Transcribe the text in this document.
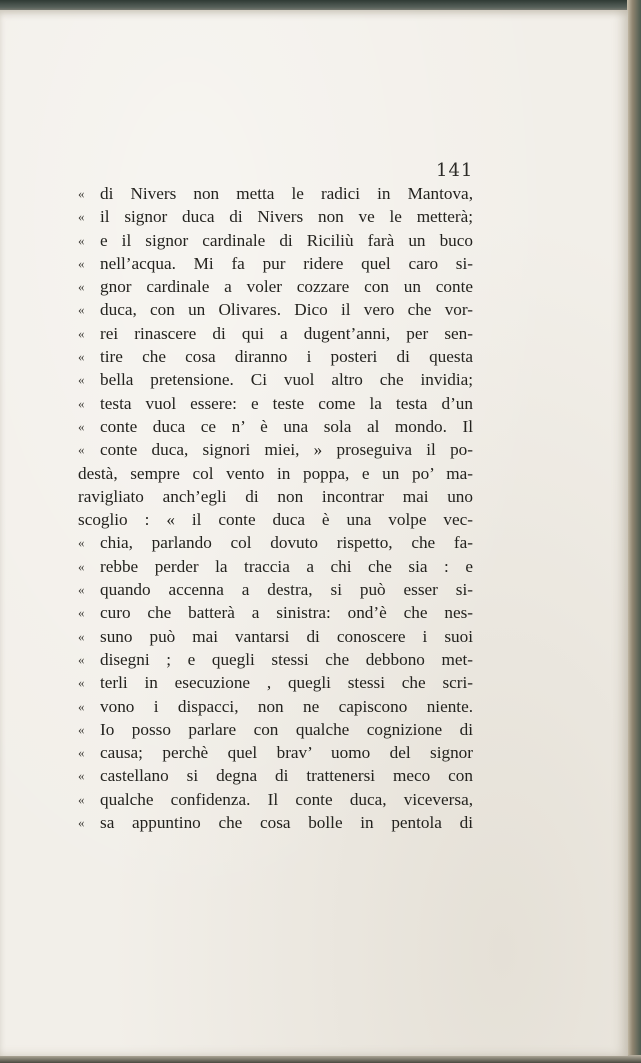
141
« di Nivers non metta le radici in Mantova,
« il signor duca di Nivers non ve le metterà;
« e il signor cardinale di Riciliù farà un buco
« nell’acqua. Mi fa pur ridere quel caro si-
« gnor cardinale a voler cozzare con un conte
« duca, con un Olivares. Dico il vero che vor-
« rei rinascere di qui a dugent’anni, per sen-
« tire che cosa diranno i posteri di questa
« bella pretensione. Ci vuol altro che invidia;
« testa vuol essere: e teste come la testa d’un
« conte duca ce n’ è una sola al mondo. Il
« conte duca, signori miei, » proseguiva il po-
destà, sempre col vento in poppa, e un po’ ma-
ravigliato anch’egli di non incontrar mai uno
scoglio : « il conte duca è una volpe vec-
« chia, parlando col dovuto rispetto, che fa-
« rebbe perder la traccia a chi che sia : e
« quando accenna a destra, si può esser si-
« curo che batterà a sinistra: ond’è che nes-
« suno può mai vantarsi di conoscere i suoi
« disegni ; e quegli stessi che debbono met-
« terli in esecuzione , quegli stessi che scri-
« vono i dispacci, non ne capiscono niente.
« Io posso parlare con qualche cognizione di
« causa; perchè quel brav’ uomo del signor
« castellano si degna di trattenersi meco con
« qualche confidenza. Il conte duca, viceversa,
« sa appuntino che cosa bolle in pentola di
